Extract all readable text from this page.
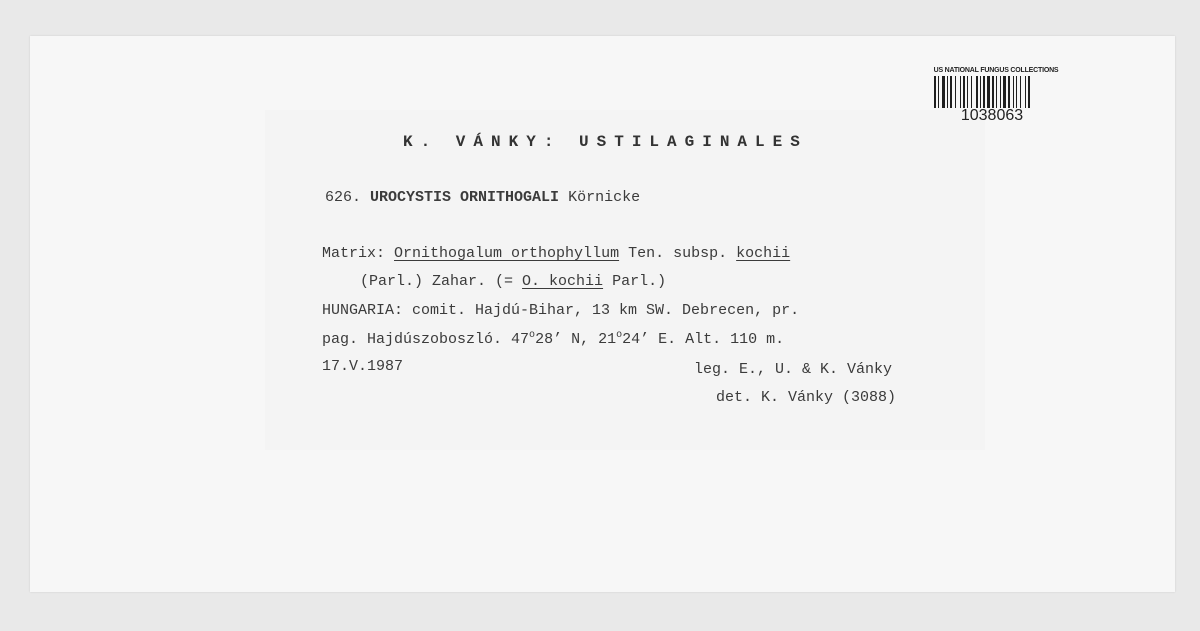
US NATIONAL FUNGUS COLLECTIONS
1038063
K. VÁNKY: USTILAGINALES
626. UROCYSTIS ORNITHOGALI Körnicke
Matrix: Ornithogalum orthophyllum Ten. subsp. kochii
(Parl.) Zahar. (= O. kochii Parl.)
HUNGARIA: comit. Hajdú-Bihar, 13 km SW. Debrecen, pr.
pag. Hajdúszoboszló. 47$^o$28’ N, 21$^o$24’ E. Alt. 110 m.
17.V.1987	leg. E., U. & K. Vánky
det. K. Vánky (3088)
